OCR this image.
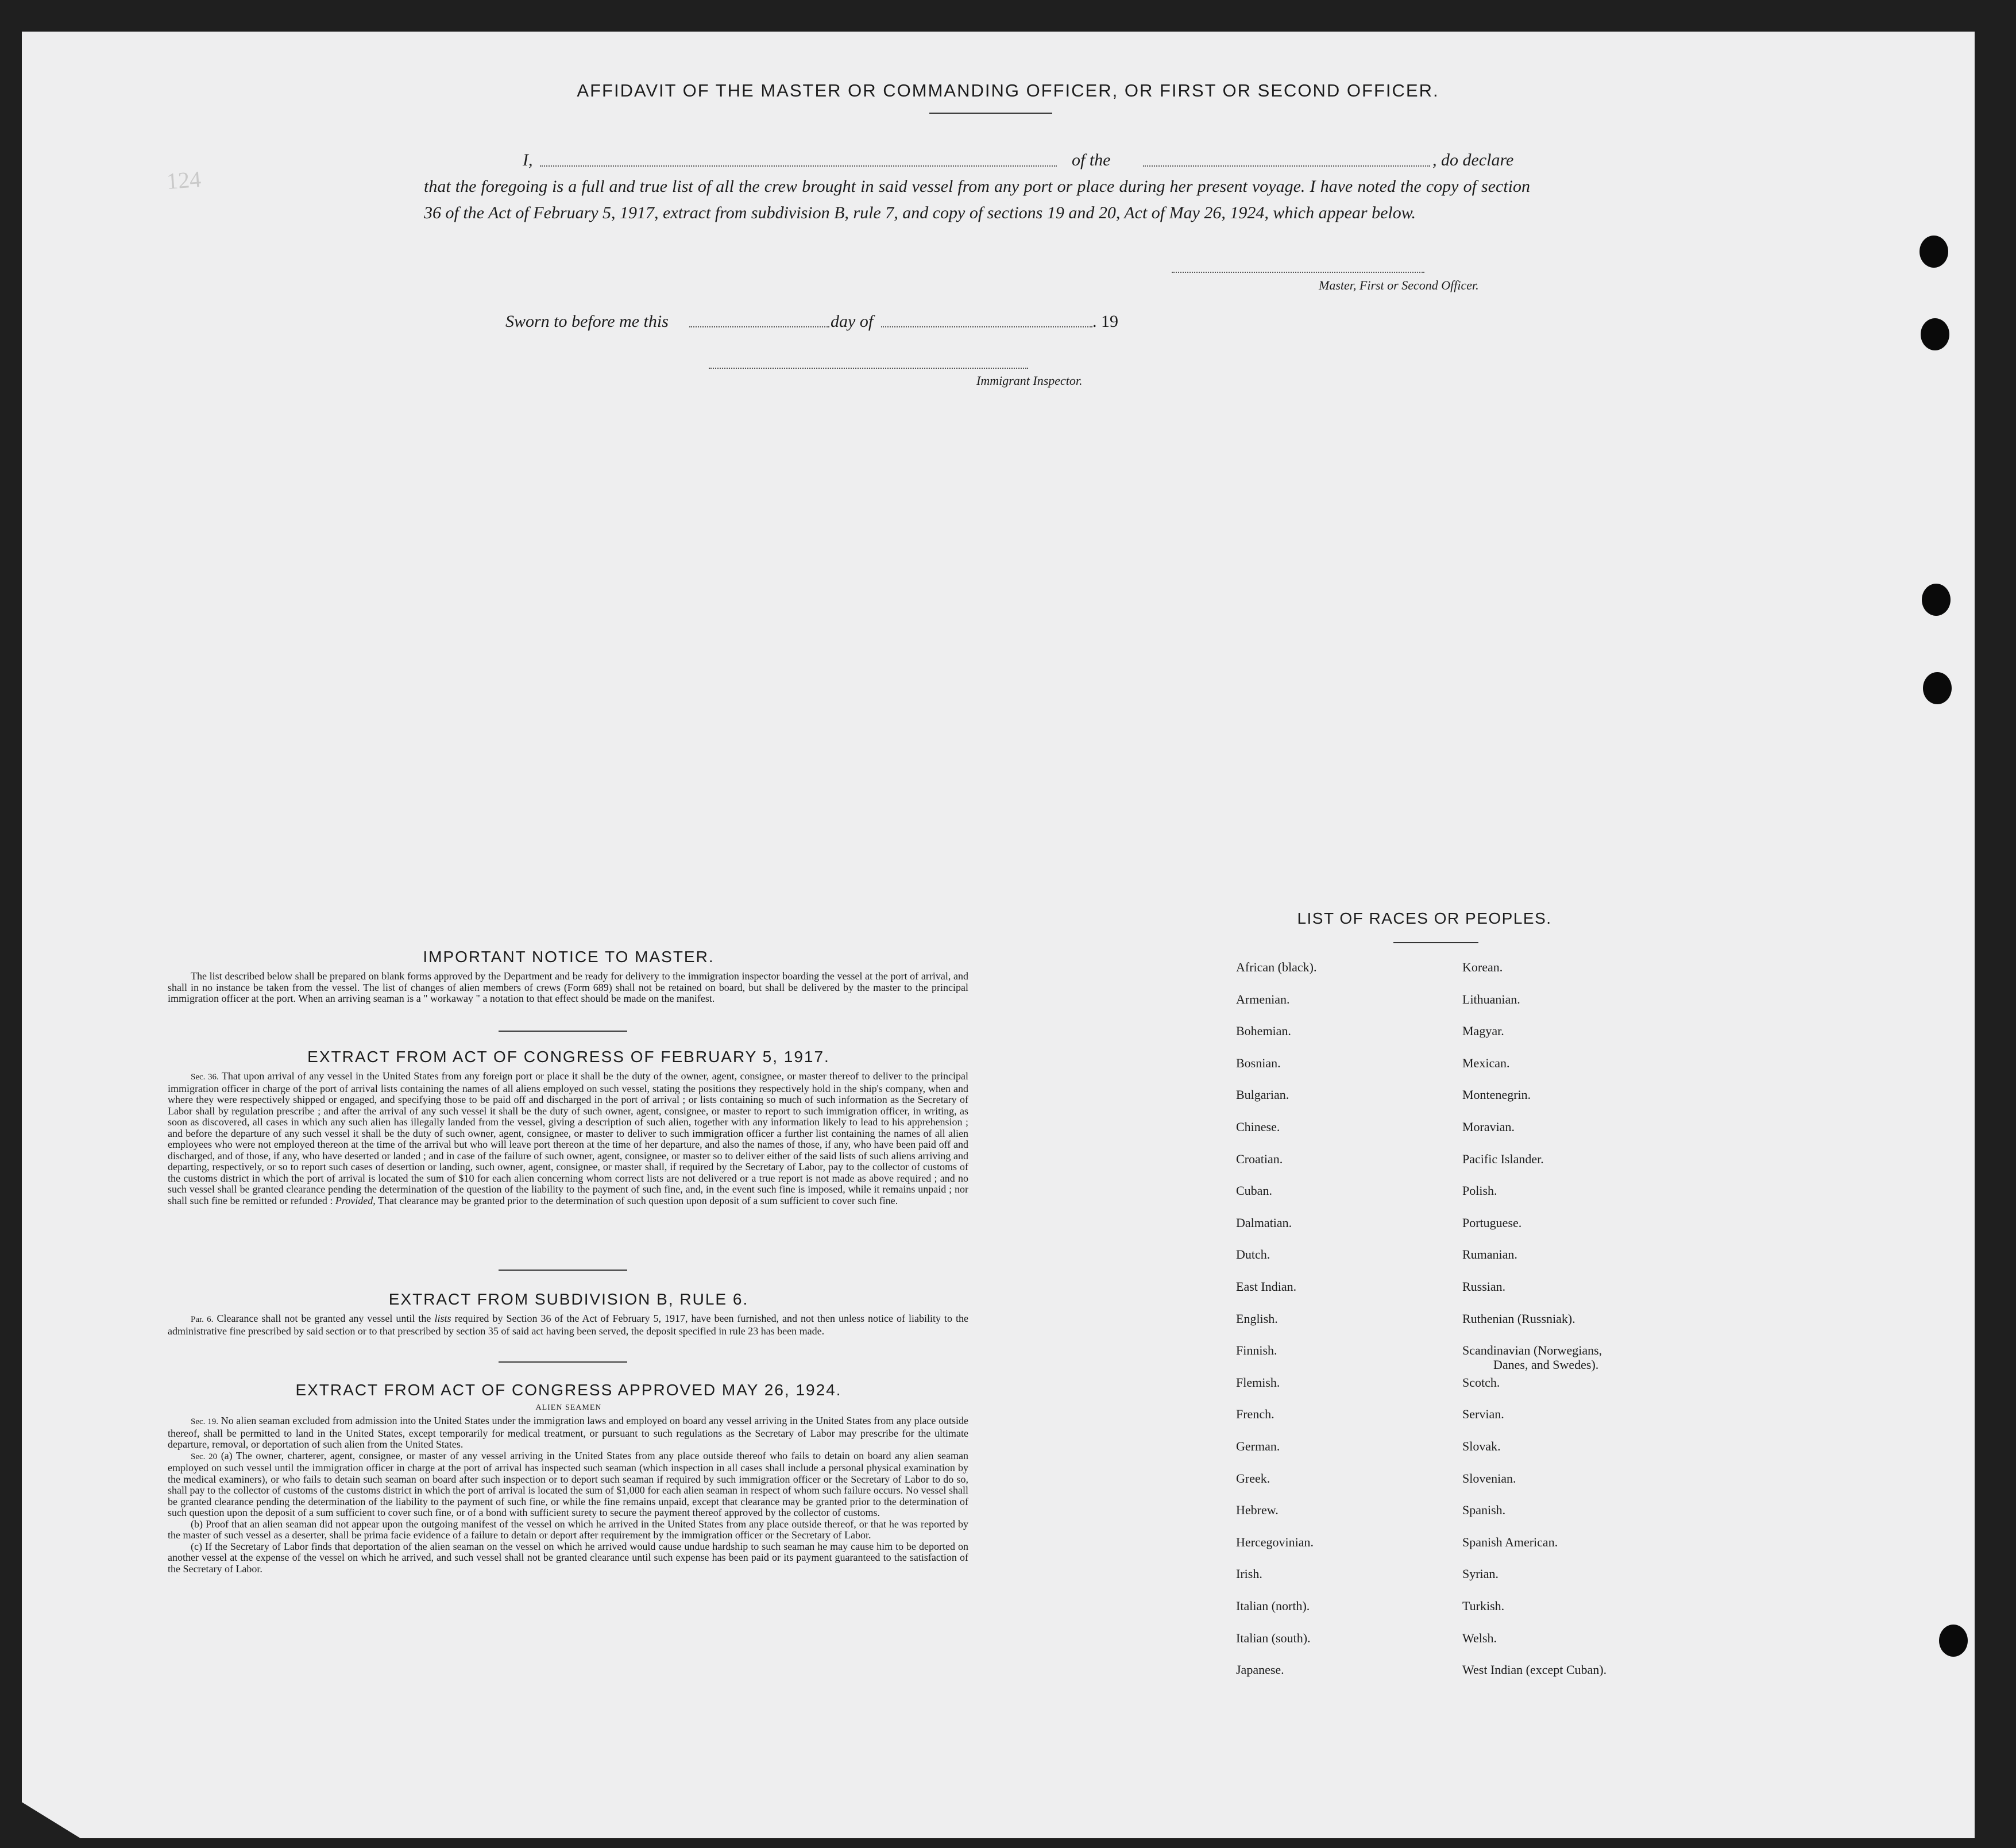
124
AFFIDAVIT OF THE MASTER OR COMMANDING OFFICER, OR FIRST OR SECOND OFFICER.
I,	of the	, do declare
that the foregoing is a full and true list of all the crew brought in said vessel from any port or place during her present voyage. I have noted the copy of section 36 of the Act of February 5, 1917, extract from subdivision B, rule 7, and copy of sections 19 and 20, Act of May 26, 1924, which appear below.
Master, First or Second Officer.
Sworn to before me this	day of	. 19
Immigrant Inspector.
IMPORTANT NOTICE TO MASTER.
The list described below shall be prepared on blank forms approved by the Department and be ready for delivery to the immigration inspector boarding the vessel at the port of arrival, and shall in no instance be taken from the vessel. The list of changes of alien members of crews (Form 689) shall not be retained on board, but shall be delivered by the master to the principal immigration officer at the port. When an arriving seaman is a " workaway " a notation to that effect should be made on the manifest.
EXTRACT FROM ACT OF CONGRESS OF FEBRUARY 5, 1917.
Sec. 36. That upon arrival of any vessel in the United States from any foreign port or place it shall be the duty of the owner, agent, consignee, or master thereof to deliver to the principal immigration officer in charge of the port of arrival lists containing the names of all aliens employed on such vessel, stating the positions they respectively hold in the ship's company, when and where they were respectively shipped or engaged, and specifying those to be paid off and discharged in the port of arrival ; or lists containing so much of such information as the Secretary of Labor shall by regulation prescribe ; and after the arrival of any such vessel it shall be the duty of such owner, agent, consignee, or master to report to such immigration officer, in writing, as soon as discovered, all cases in which any such alien has illegally landed from the vessel, giving a description of such alien, together with any information likely to lead to his apprehension ; and before the departure of any such vessel it shall be the duty of such owner, agent, consignee, or master to deliver to such immigration officer a further list containing the names of all alien employees who were not employed thereon at the time of the arrival but who will leave port thereon at the time of her departure, and also the names of those, if any, who have been paid off and discharged, and of those, if any, who have deserted or landed ; and in case of the failure of such owner, agent, consignee, or master so to deliver either of the said lists of such aliens arriving and departing, respectively, or so to report such cases of desertion or landing, such owner, agent, consignee, or master shall, if required by the Secretary of Labor, pay to the collector of customs of the customs district in which the port of arrival is located the sum of $10 for each alien concerning whom correct lists are not delivered or a true report is not made as above required ; and no such vessel shall be granted clearance pending the determination of the question of the liability to the payment of such fine, and, in the event such fine is imposed, while it remains unpaid ; nor shall such fine be remitted or refunded : Provided, That clearance may be granted prior to the determination of such question upon deposit of a sum sufficient to cover such fine.
EXTRACT FROM SUBDIVISION B, RULE 6.
Par. 6. Clearance shall not be granted any vessel until the lists required by Section 36 of the Act of February 5, 1917, have been furnished, and not then unless notice of liability to the administrative fine prescribed by said section or to that prescribed by section 35 of said act having been served, the deposit specified in rule 23 has been made.
EXTRACT FROM ACT OF CONGRESS APPROVED MAY 26, 1924.
ALIEN SEAMEN
Sec. 19. No alien seaman excluded from admission into the United States under the immigration laws and employed on board any vessel arriving in the United States from any place outside thereof, shall be permitted to land in the United States, except temporarily for medical treatment, or pursuant to such regulations as the Secretary of Labor may prescribe for the ultimate departure, removal, or deportation of such alien from the United States.
Sec. 20 (a) The owner, charterer, agent, consignee, or master of any vessel arriving in the United States from any place outside thereof who fails to detain on board any alien seaman employed on such vessel until the immigration officer in charge at the port of arrival has inspected such seaman (which inspection in all cases shall include a personal physical examination by the medical examiners), or who fails to detain such seaman on board after such inspection or to deport such seaman if required by such immigration officer or the Secretary of Labor to do so, shall pay to the collector of customs of the customs district in which the port of arrival is located the sum of $1,000 for each alien seaman in respect of whom such failure occurs. No vessel shall be granted clearance pending the determination of the liability to the payment of such fine, or while the fine remains unpaid, except that clearance may be granted prior to the determination of such question upon the deposit of a sum sufficient to cover such fine, or of a bond with sufficient surety to secure the payment thereof approved by the collector of customs.
(b) Proof that an alien seaman did not appear upon the outgoing manifest of the vessel on which he arrived in the United States from any place outside thereof, or that he was reported by the master of such vessel as a deserter, shall be prima facie evidence of a failure to detain or deport after requirement by the immigration officer or the Secretary of Labor.
(c) If the Secretary of Labor finds that deportation of the alien seaman on the vessel on which he arrived would cause undue hardship to such seaman he may cause him to be deported on another vessel at the expense of the vessel on which he arrived, and such vessel shall not be granted clearance until such expense has been paid or its payment guaranteed to the satisfaction of the Secretary of Labor.
LIST OF RACES OR PEOPLES.
African (black).
Armenian.
Bohemian.
Bosnian.
Bulgarian.
Chinese.
Croatian.
Cuban.
Dalmatian.
Dutch.
East Indian.
English.
Finnish.
Flemish.
French.
German.
Greek.
Hebrew.
Hercegovinian.
Irish.
Italian (north).
Italian (south).
Japanese.
Korean.
Lithuanian.
Magyar.
Mexican.
Montenegrin.
Moravian.
Pacific Islander.
Polish.
Portuguese.
Rumanian.
Russian.
Ruthenian (Russniak).
Scandinavian (Norwegians,
Scotch.
Servian.
Slovak.
Slovenian.
Spanish.
Spanish American.
Syrian.
Turkish.
Welsh.
West Indian (except Cuban).
Danes, and Swedes).
